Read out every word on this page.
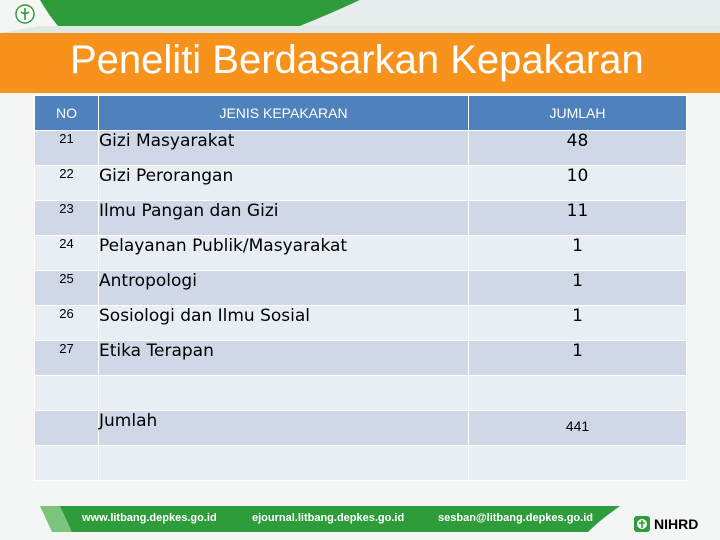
Peneliti Berdasarkan Kepakaran
NO	JENIS KEPAKARAN	JUMLAH
21	Gizi Masyarakat	48
22	Gizi Perorangan	10
23	Ilmu Pangan dan Gizi	11
24	Pelayanan Publik/Masyarakat	1
25	Antropologi	1
26	Sosiologi dan Ilmu Sosial	1
27	Etika Terapan	1

	Jumlah	441

www.litbang.depkes.go.id	ejournal.litbang.depkes.go.id	sesban@litbang.depkes.go.id	NIHRD
